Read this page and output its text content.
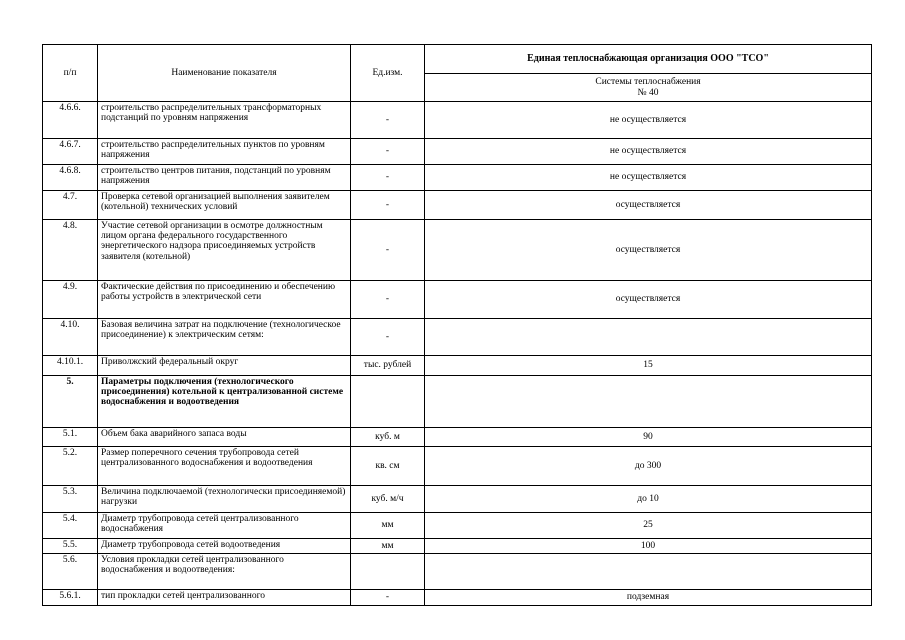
п/п	Наименование показателя	Ед.изм.	Единая теплоснабжающая организация ООО "ТСО"

			Системы теплоснабжения
№ 40

4.6.6.	строительство распределительных трансформаторных подстанций по уровням напряжения	-	не осуществляется
4.6.7.	строительство распределительных пунктов по уровням напряжения	-	не осуществляется
4.6.8.	строительство центров питания, подстанций по уровням напряжения	-	не осуществляется
4.7.	Проверка сетевой организацией выполнения заявителем (котельной) технических условий	-	осуществляется
4.8.	Участие сетевой организации в осмотре должностным лицом органа федерального государственного энергетического надзора присоединяемых устройств заявителя (котельной)	-	осуществляется
4.9.	Фактические действия по присоединению и обеспечению работы устройств в электрической сети	-	осуществляется
4.10.	Базовая величина затрат на подключение (технологическое присоединение) к электрическим сетям:	-	
4.10.1.	Приволжский федеральный округ	тыс. рублей	15
5.	Параметры подключения (технологического присоединения) котельной к централизованной системе водоснабжения и водоотведения		
5.1.	Объем бака аварийного запаса воды	куб. м	90
5.2.	Размер поперечного сечения трубопровода сетей централизованного водоснабжения и водоотведения	кв. см	до 300
5.3.	Величина подключаемой (технологически присоединяемой) нагрузки	куб. м/ч	до 10
5.4.	Диаметр трубопровода сетей централизованного водоснабжения	мм	25
5.5.	Диаметр трубопровода сетей водоотведения	мм	100
5.6.	Условия прокладки сетей централизованного водоснабжения и водоотведения:		
5.6.1.	тип прокладки сетей централизованного	-	подземная
